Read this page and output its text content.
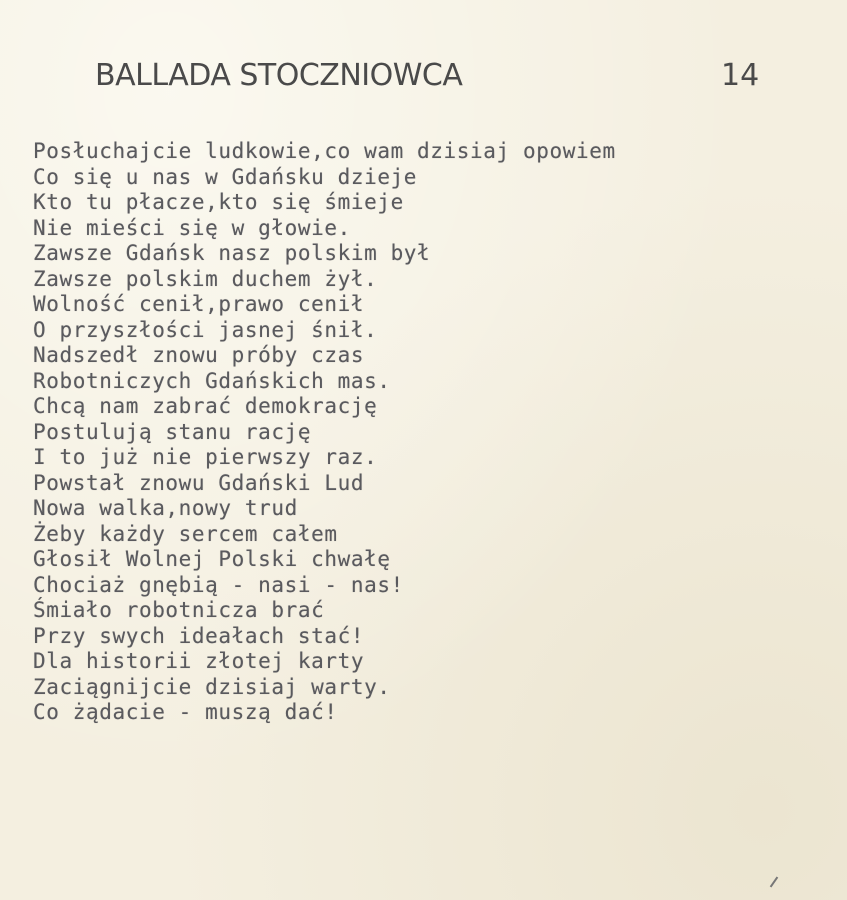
BALLADA STOCZNIOWCA	14
Posłuchajcie ludkowie,co wam dzisiaj opowiem
Co się u nas w Gdańsku dzieje
Kto tu płacze,kto się śmieje
Nie mieści się w głowie.
Zawsze Gdańsk nasz polskim był
Zawsze polskim duchem żył.
Wolność cenił,prawo cenił
O przyszłości jasnej śnił.
Nadszedł znowu próby czas
Robotniczych Gdańskich mas.
Chcą nam zabrać demokrację
Postulują stanu rację
I to już nie pierwszy raz.
Powstał znowu Gdański Lud
Nowa walka,nowy trud
Żeby każdy sercem całem
Głosił Wolnej Polski chwałę
Chociaż gnębią - nasi - nas!
Śmiało robotnicza brać
Przy swych ideałach stać!
Dla historii złotej karty
Zaciągnijcie dzisiaj warty.
Co żądacie - muszą dać!
